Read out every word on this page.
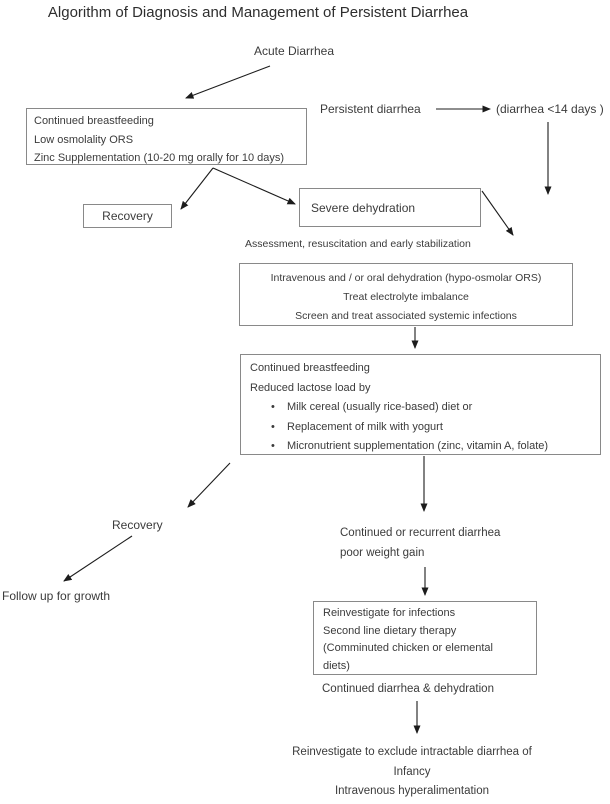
Algorithm of Diagnosis and Management of Persistent Diarrhea
Acute Diarrhea
Continued breastfeeding
Low osmolality ORS
Zinc Supplementation (10-20 mg orally for 10 days)
Persistent diarrhea	(diarrhea <14 days )
Recovery
Severe dehydration
Assessment, resuscitation and early stabilization
Intravenous and / or oral dehydration (hypo-osmolar ORS)
Treat electrolyte imbalance
Screen and treat associated systemic infections
Continued breastfeeding
Reduced lactose load by
• Milk cereal (usually rice-based) diet or
• Replacement of milk with yogurt
• Micronutrient supplementation (zinc, vitamin A, folate)
Recovery
Follow up for growth
Continued or recurrent diarrhea
poor weight gain
Reinvestigate for infections
Second line dietary therapy
(Comminuted chicken or elemental
diets)
Continued diarrhea & dehydration
Reinvestigate to exclude intractable diarrhea of
Infancy
Intravenous hyperalimentation
